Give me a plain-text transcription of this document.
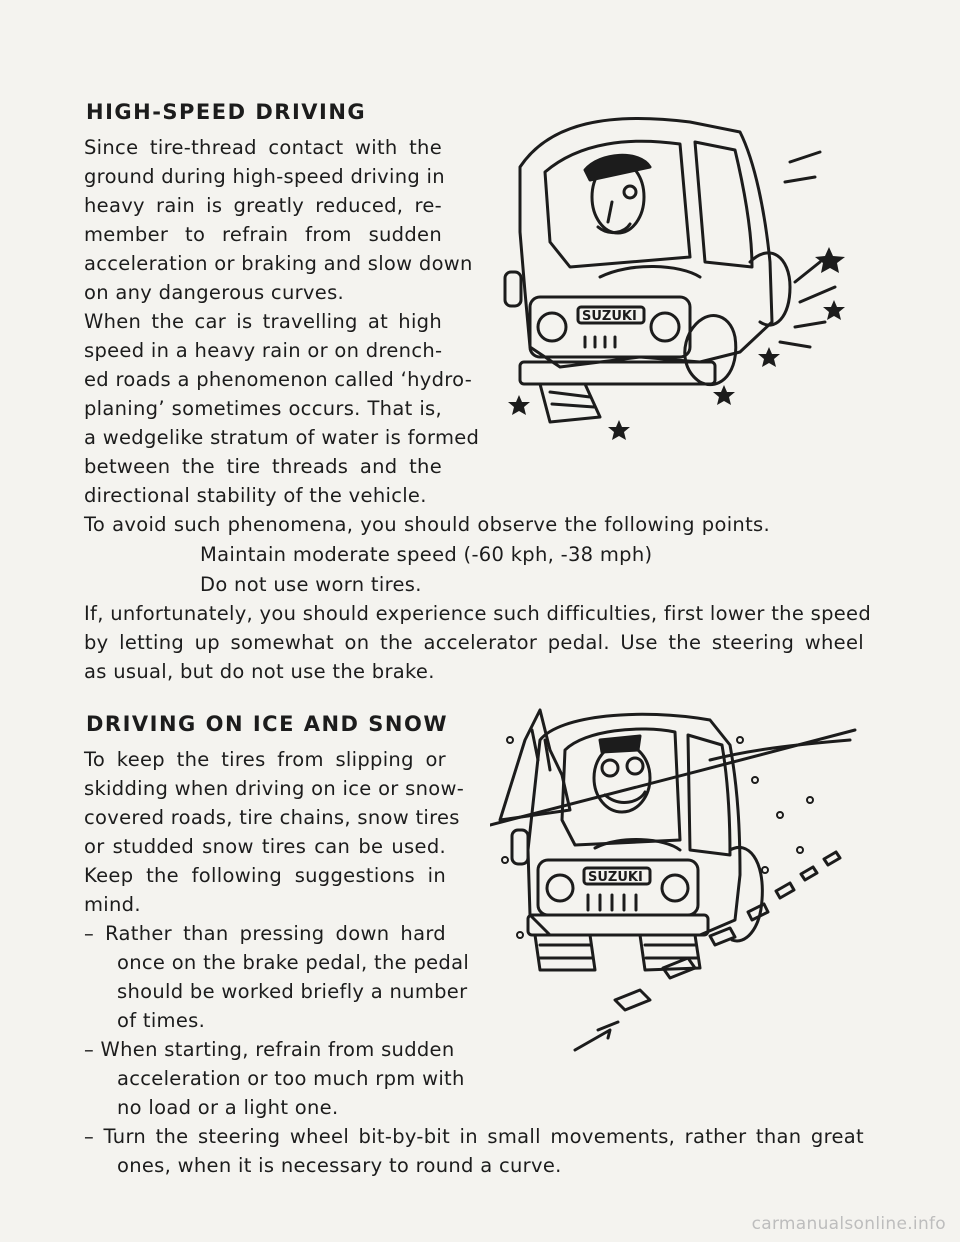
HIGH-SPEED DRIVING

Since tire-thread contact with the

ground during high-speed driving in

heavy rain is greatly reduced, re-

member to refrain from sudden

acceleration or braking and slow down

on any dangerous curves.

When the car is travelling at high

speed in a heavy rain or on drench-

ed roads a phenomenon called ‘hydro-

planing’ sometimes occurs. That is,

a wedgelike stratum of water is formed

between the tire threads and the

directional stability of the vehicle.

To avoid such phenomena, you should observe the following points.

Maintain moderate speed (-60 kph, -38 mph)

Do not use worn tires.

If, unfortunately, you should experience such difficulties, first lower the speed

by letting up somewhat on the accelerator pedal. Use the steering wheel

as usual, but do not use the brake.

SUZUKI
DRIVING ON ICE AND SNOW

To keep the tires from slipping or

skidding when driving on ice or snow-

covered roads, tire chains, snow tires

or studded snow tires can be used.

Keep the following suggestions in

mind.

– Rather than pressing down hard

once on the brake pedal, the pedal

should be worked briefly a number

of times.

– When starting, refrain from sudden

acceleration or too much rpm with

no load or a light one.

– Turn the steering wheel bit-by-bit in small movements, rather than great

ones, when it is necessary to round a curve.

SUZUKI
carmanualsonline.info
